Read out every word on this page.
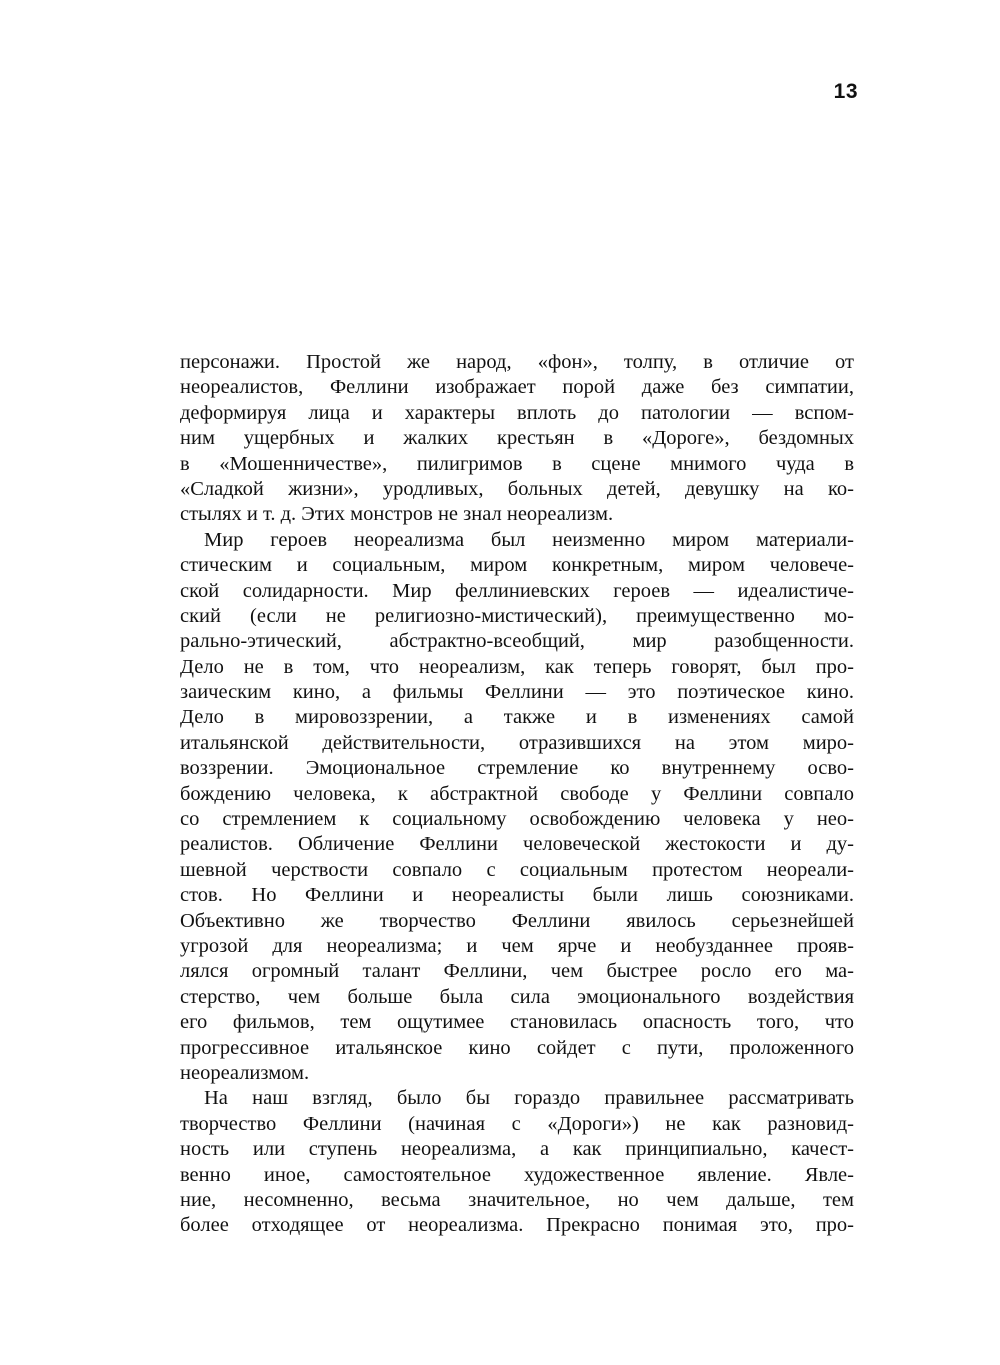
13
персонажи. Простой же народ, «фон», толпу, в отличие от
неореалистов, Феллини изображает порой даже без симпатии,
деформируя лица и характеры вплоть до патологии — вспом-
ним ущербных и жалких крестьян в «Дороге», бездомных
в «Мошенничестве», пилигримов в сцене мнимого чуда в
«Сладкой жизни», уродливых, больных детей, девушку на ко-
стылях и т. д. Этих монстров не знал неореализм.
Мир героев неореализма был неизменно миром материали-
стическим и социальным, миром конкретным, миром человече-
ской солидарности. Мир феллиниевских героев — идеалистиче-
ский (если не религиозно-мистический), преимущественно мо-
рально-этический, абстрактно-всеобщий, мир разобщенности.
Дело не в том, что неореализм, как теперь говорят, был про-
заическим кино, а фильмы Феллини — это поэтическое кино.
Дело в мировоззрении, а также и в изменениях самой
итальянской действительности, отразившихся на этом миро-
воззрении. Эмоциональное стремление ко внутреннему осво-
бождению человека, к абстрактной свободе у Феллини совпало
со стремлением к социальному освобождению человека у нео-
реалистов. Обличение Феллини человеческой жестокости и ду-
шевной черствости совпало с социальным протестом неореали-
стов. Но Феллини и неореалисты были лишь союзниками.
Объективно же творчество Феллини явилось серьезнейшей
угрозой для неореализма; и чем ярче и необузданнее прояв-
лялся огромный талант Феллини, чем быстрее росло его ма-
стерство, чем больше была сила эмоционального воздействия
его фильмов, тем ощутимее становилась опасность того, что
прогрессивное итальянское кино сойдет с пути, проложенного
неореализмом.
На наш взгляд, было бы гораздо правильнее рассматривать
творчество Феллини (начиная с «Дороги») не как разновид-
ность или ступень неореализма, а как принципиально, качест-
венно иное, самостоятельное художественное явление. Явле-
ние, несомненно, весьма значительное, но чем дальше, тем
более отходящее от неореализма. Прекрасно понимая это, про-
